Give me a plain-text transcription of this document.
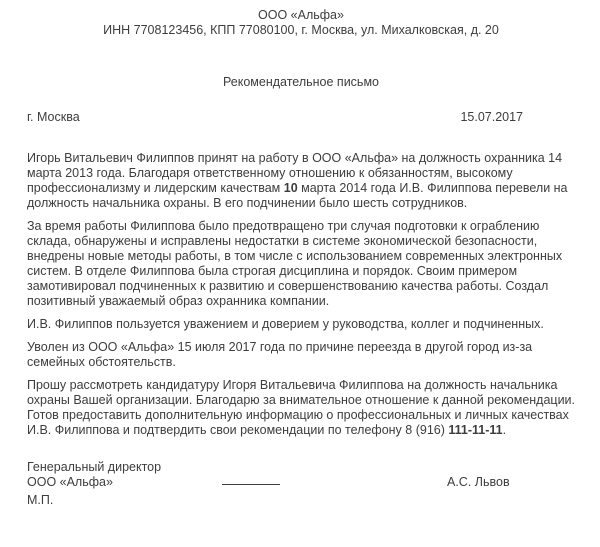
ООО «Альфа»
ИНН 7708123456, КПП 77080100, г. Москва, ул. Михалковская, д. 20
Рекомендательное письмо
г. Москва	15.07.2017

Игорь Витальевич Филиппов принят на работу в ООО «Альфа» на должность охранника 14 марта 2013 года. Благодаря ответственному отношению к обязанностям, высокому профессионализму и лидерским качествам 10 марта 2014 года И.В. Филиппова перевели на должность начальника охраны. В его подчинении было шесть сотрудников.

За время работы Филиппова было предотвращено три случая подготовки к ограблению склада, обнаружены и исправлены недостатки в системе экономической безопасности, внедрены новые методы работы, в том числе с использованием современных электронных систем. В отделе Филиппова была строгая дисциплина и порядок. Своим примером замотивировал подчиненных к развитию и совершенствованию качества работы. Создал позитивный уважаемый образ охранника компании.

И.В. Филиппов пользуется уважением и доверием у руководства, коллег и подчиненных.

Уволен из ООО «Альфа» 15 июля 2017 года по причине переезда в другой город из-за семейных обстоятельств.

Прошу рассмотреть кандидатуру Игоря Витальевича Филиппова на должность начальника охраны Вашей организации. Благодарю за внимательное отношение к данной рекомендации. Готов предоставить дополнительную информацию о профессиональных и личных качествах
И.В. Филиппова и подтвердить свои рекомендации по телефону 8 (916) 111-11-11.

Генеральный директор
ООО «Альфа»	А.С. Львов
М.П.
